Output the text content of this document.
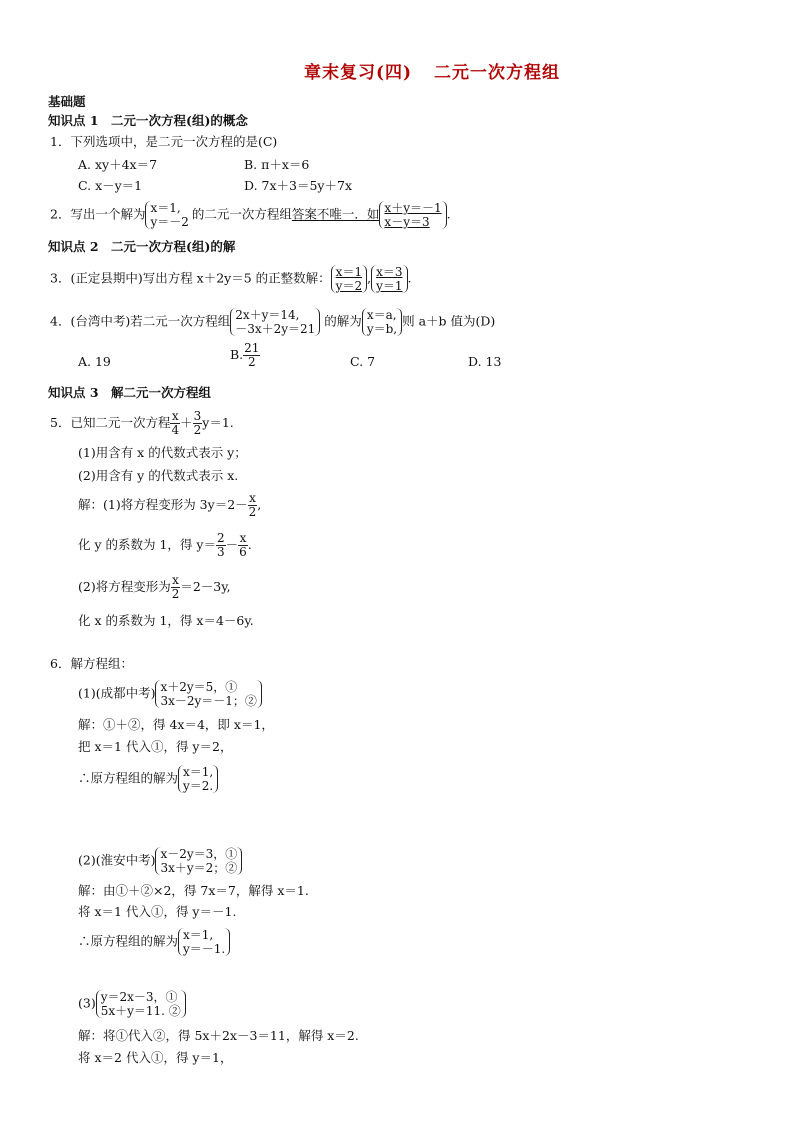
章末复习(四) 二元一次方程组
基础题
知识点 1　二元一次方程(组)的概念
1．下列选项中，是二元一次方程的是(C)
A. xy＋4x＝7	B. π＋x＝6
C. x－y＝1	D. 7x＋3＝5y＋7x
2．写出一个解为 x＝1,
y＝－2
的二元一次方程组答案不唯一．如 x＋y＝－1
x－y＝3
.
知识点 2　二元一次方程(组)的解
3．(正定县期中)写出方程 x＋2y＝5 的正整数解： $\frac{x=1}{y=2}$ , $\frac{x=3}{y=1}$ .
4．(台湾中考)若二元一次方程组 2x＋y＝14,
－3x＋2y＝21
的解为 x＝a,
y＝b,
则 a＋b 值为(D)
A. 19	B. $\frac{21}{2}$	C. 7	D. 13
知识点 3　解二元一次方程组
5．已知二元一次方程 $\frac{x}{4} + \frac{3}{2} y=1$.
(1)用含有 x 的代数式表示 y；
(2)用含有 y 的代数式表示 x.
解：(1)将方程变形为 $3y=2- \frac{x}{2}$ ,
化 y 的系数为 1，得 $y= \frac{2}{3} - \frac{x}{6}$ .
(2)将方程变形为 $\frac{x}{2} =2-3y$,
化 x 的系数为 1，得 x＝4－6y.
6．解方程组：
(1)(成都中考) x＋2y＝5，①
3x－2y＝－1；②
解：①＋②，得 4x＝4，即 x＝1，
把 x＝1 代入①，得 y＝2，
∴原方程组的解为 x＝1,
y＝2.
(2)(淮安中考) x－2y＝3，①
3x＋y＝2；②
解：由①＋②×2，得 7x＝7，解得 x＝1.
将 x＝1 代入①，得 y＝－1.
∴原方程组的解为 x＝1,
y＝－1.
(3) y＝2x－3，①
5x＋y＝11. ②
解：将①代入②，得 5x＋2x－3＝11，解得 x＝2.
将 x＝2 代入①，得 y＝1，
